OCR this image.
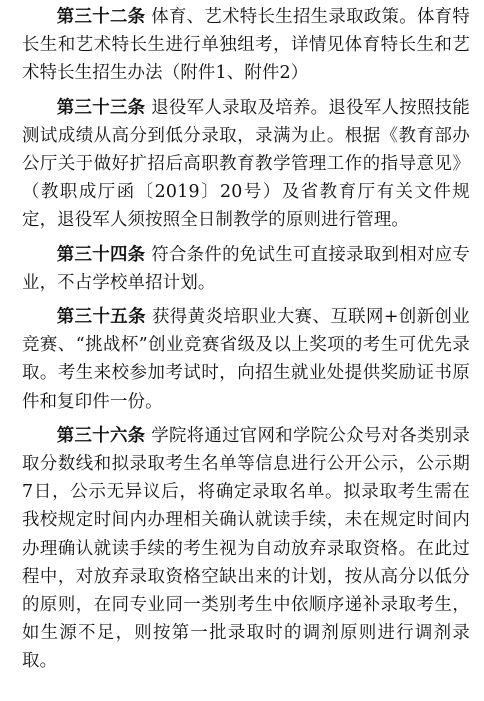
第三十二条 体育、艺术特长生招生录取政策。体育特长生和艺术特长生进行单独组考，详情见体育特长生和艺术特长生招生办法（附件1、附件2）

第三十三条 退役军人录取及培养。退役军人按照技能测试成绩从高分到低分录取，录满为止。根据《教育部办公厅关于做好扩招后高职教育教学管理工作的指导意见》（教职成厅函〔2019〕20号）及省教育厅有关文件规定，退役军人须按照全日制教学的原则进行管理。

第三十四条 符合条件的免试生可直接录取到相对应专业，不占学校单招计划。

第三十五条 获得黄炎培职业大赛、互联网+创新创业竞赛、“挑战杯”创业竞赛省级及以上奖项的考生可优先录取。考生来校参加考试时，向招生就业处提供奖励证书原件和复印件一份。

第三十六条 学院将通过官网和学院公众号对各类别录取分数线和拟录取考生名单等信息进行公开公示，公示期7日，公示无异议后，将确定录取名单。拟录取考生需在我校规定时间内办理相关确认就读手续，未在规定时间内办理确认就读手续的考生视为自动放弃录取资格。在此过程中，对放弃录取资格空缺出来的计划，按从高分以低分的原则，在同专业同一类别考生中依顺序递补录取考生，如生源不足，则按第一批录取时的调剂原则进行调剂录取。
